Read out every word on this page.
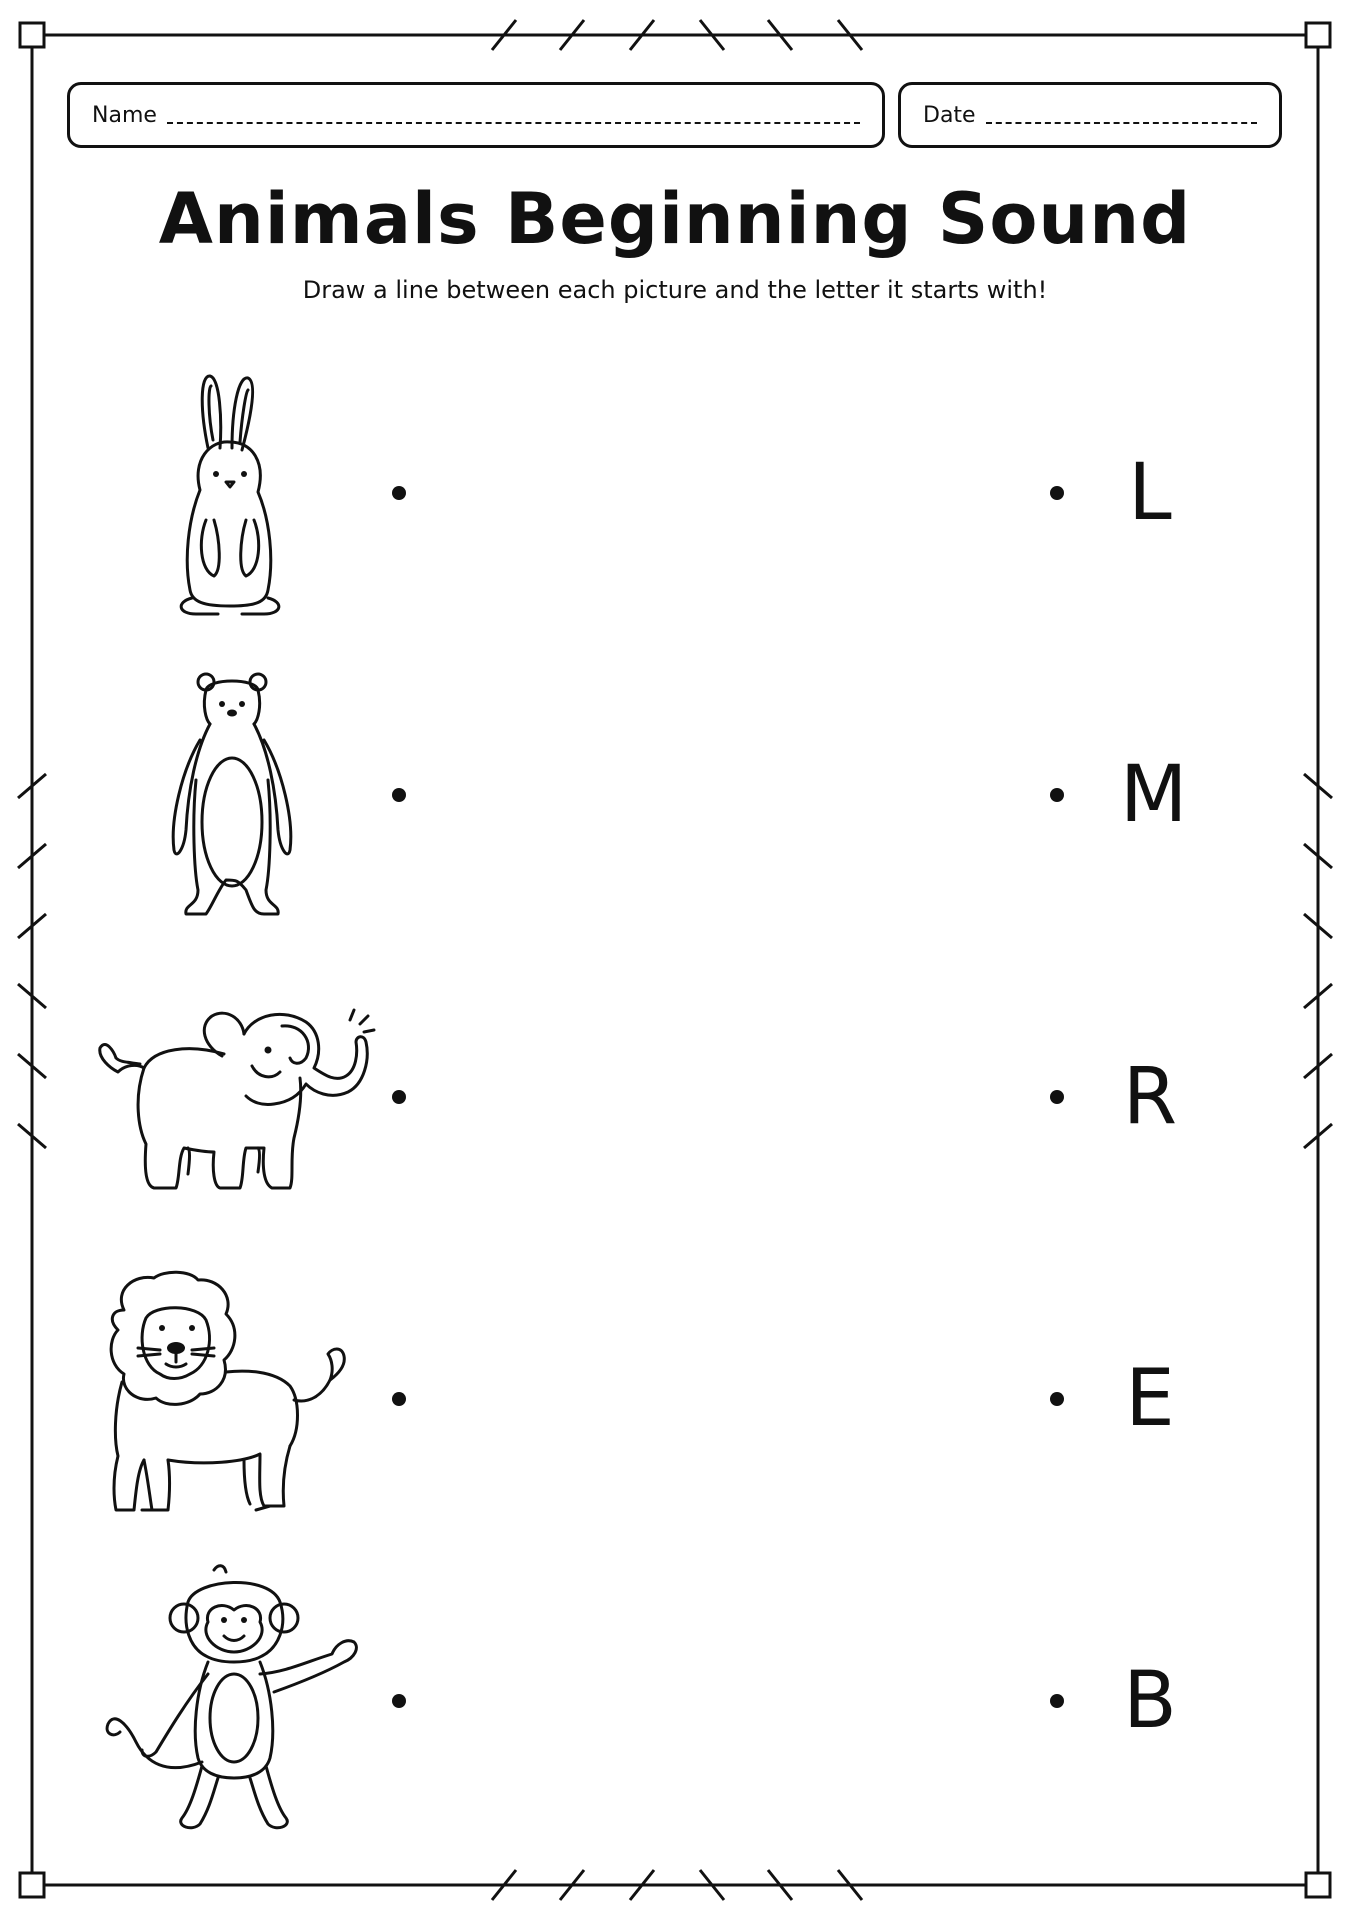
Name	Date
Animals Beginning Sound

Draw a line between each picture and the letter it starts with!

L
M
R
E
B
